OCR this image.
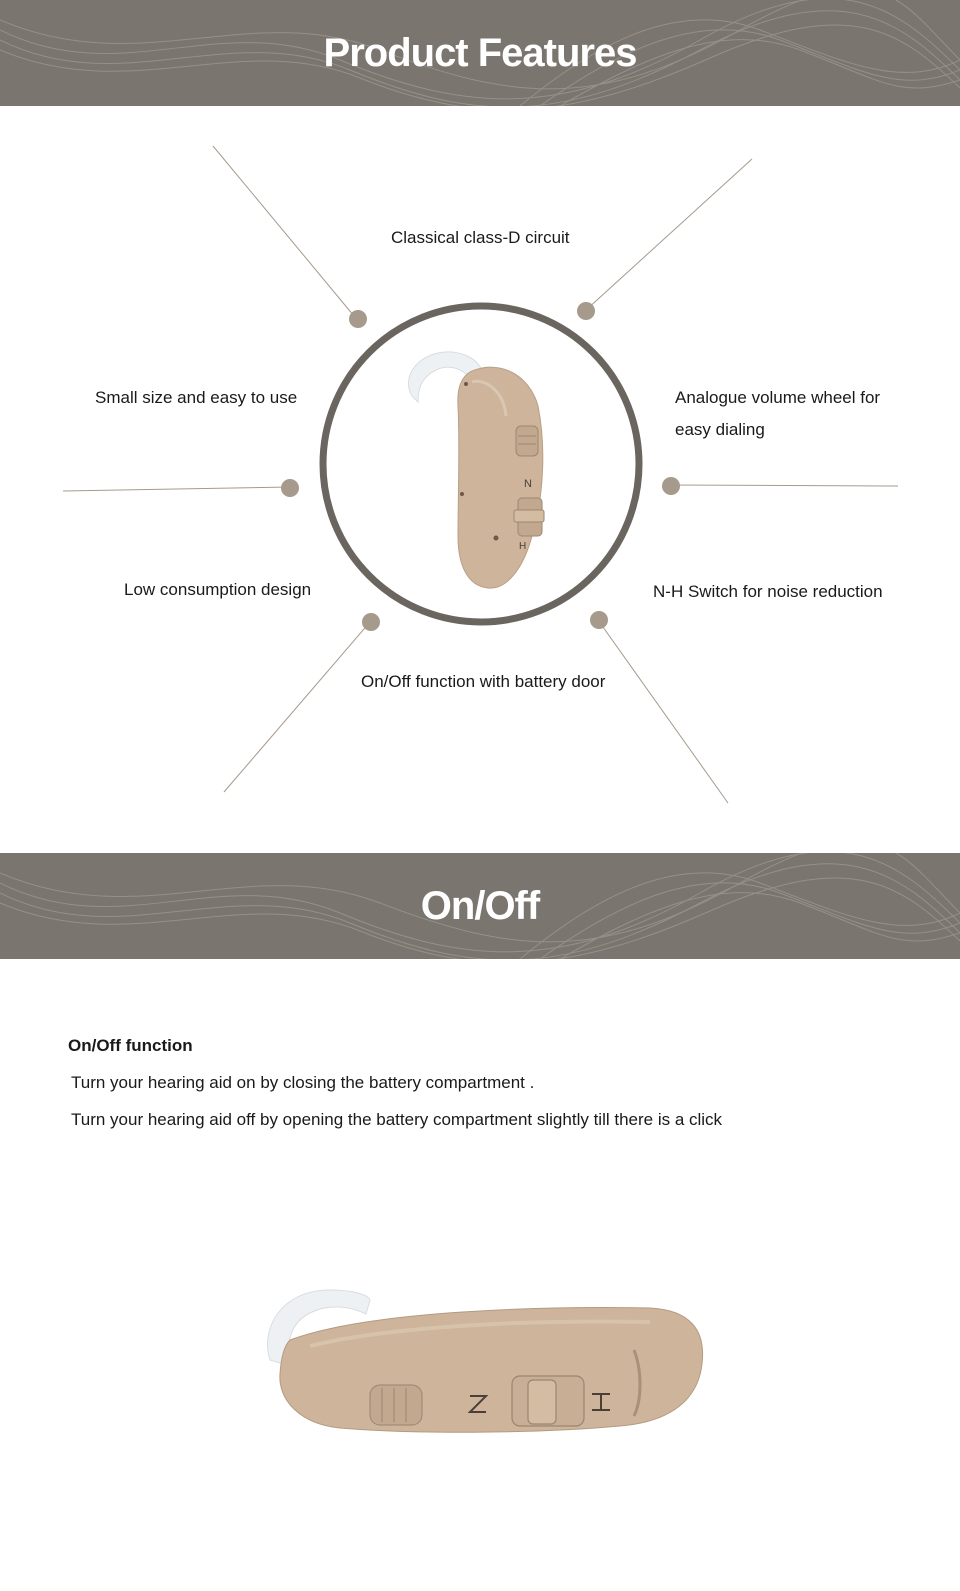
Product Features
N
H
Classical class-D circuit
Small size and easy to use	Analogue volume wheel for easy dialing
Low consumption design	N-H Switch for noise reduction
On/Off function with battery door
On/Off
On/Off function
Turn your hearing aid on by closing the battery compartment .
Turn your hearing aid off by opening the battery compartment slightly till there is a click
